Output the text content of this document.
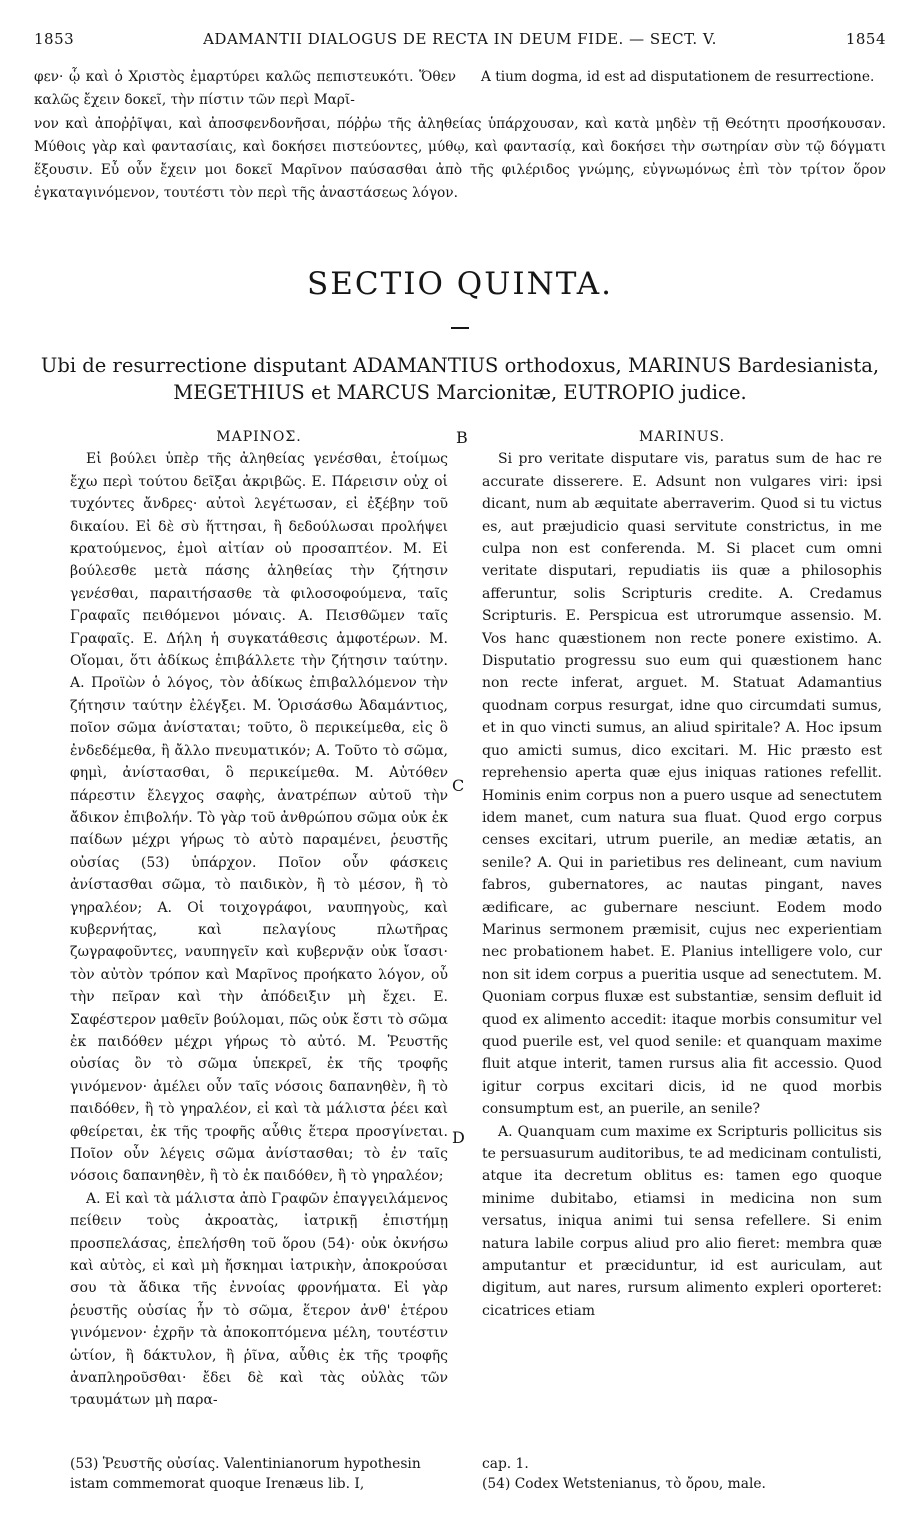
1853	ADAMANTII DIALOGUS DE RECTA IN DEUM FIDE. — SECT. V.	1854
φεν· ᾧ καὶ ὁ Χριστὸς ἐμαρτύρει καλῶς πεπιστευκότι. Ὅθεν καλῶς ἔχειν δοκεῖ, τὴν πίστιν τῶν περὶ Μαρῖ-
A tium dogma, id est ad disputationem de resurrectione.
νον καὶ ἀποῤῥῖψαι, καὶ ἀποσφενδονῆσαι, πόῤῥω τῆς ἀληθείας ὑπάρχουσαν, καὶ κατὰ μηδὲν τῇ Θεότητι προσήκουσαν. Μύθοις γὰρ καὶ φαντασίαις, καὶ δοκήσει πιστεύοντες, μύθῳ, καὶ φαντασίᾳ, καὶ δοκήσει τὴν σωτηρίαν σὺν τῷ δόγματι ἕξουσιν. Εὖ οὖν ἔχειν μοι δοκεῖ Μαρῖνον παύσασθαι ἀπὸ τῆς φιλέριδος γνώμης, εὐγνωμόνως ἐπὶ τὸν τρίτον ὅρον ἐγκαταγινόμενον, τουτέστι τὸν περὶ τῆς ἀναστάσεως λόγον.
SECTIO QUINTA.
Ubi de resurrectione disputant ADAMANTIUS orthodoxus, MARINUS Bardesianista, MEGETHIUS et MARCUS Marcionitæ, EUTROPIO judice.
B
C
D
ΜΑΡΙΝΟΣ.

Εἰ βούλει ὑπὲρ τῆς ἀληθείας γενέσθαι, ἑτοίμως ἔχω περὶ τούτου δεῖξαι ἀκριβῶς. Ε. Πάρεισιν οὐχ οἱ τυχόντες ἄνδρες· αὐτοὶ λεγέτωσαν, εἰ ἐξέβην τοῦ δικαίου. Εἰ δὲ σὺ ἥττησαι, ἢ δεδούλωσαι προλήψει κρατούμενος, ἐμοὶ αἰτίαν οὐ προσαπτέον. Μ. Εἰ βούλεσθε μετὰ πάσης ἀληθείας τὴν ζήτησιν γενέσθαι, παραιτήσασθε τὰ φιλοσοφούμενα, ταῖς Γραφαῖς πειθόμενοι μόναις. Α. Πεισθῶμεν ταῖς Γραφαῖς. Ε. Δήλη ἡ συγκατάθεσις ἀμφοτέρων. Μ. Οἴομαι, ὅτι ἀδίκως ἐπιβάλλετε τὴν ζήτησιν ταύτην. Α. Προϊὼν ὁ λόγος, τὸν ἀδίκως ἐπιβαλλόμενον τὴν ζήτησιν ταύτην ἐλέγξει. Μ. Ὁρισάσθω Ἀδαμάντιος, ποῖον σῶμα ἀνίσταται; τοῦτο, ὃ περικείμεθα, εἰς ὃ ἐνδεδέμεθα, ἢ ἄλλο πνευματικόν; Α. Τοῦτο τὸ σῶμα, φημὶ, ἀνίστασθαι, ὃ περικείμεθα. Μ. Αὐτόθεν πάρεστιν ἔλεγχος σαφὴς, ἀνατρέπων αὐτοῦ τὴν ἄδικον ἐπιβολήν. Τὸ γὰρ τοῦ ἀνθρώπου σῶμα οὐκ ἐκ παίδων μέχρι γήρως τὸ αὐτὸ παραμένει, ῥευστῆς οὐσίας (53) ὑπάρχον. Ποῖον οὖν φάσκεις ἀνίστασθαι σῶμα, τὸ παιδικὸν, ἢ τὸ μέσον, ἢ τὸ γηραλέον; Α. Οἱ τοιχογράφοι, ναυπηγοὺς, καὶ κυβερνήτας, καὶ πελαγίους πλωτῆρας ζωγραφοῦντες, ναυπηγεῖν καὶ κυβερνᾷν οὐκ ἴσασι· τὸν αὐτὸν τρόπον καὶ Μαρῖνος προήκατο λόγον, οὗ τὴν πεῖραν καὶ τὴν ἀπόδειξιν μὴ ἔχει. Ε. Σαφέστερον μαθεῖν βούλομαι, πῶς οὐκ ἔστι τὸ σῶμα ἐκ παιδόθεν μέχρι γήρως τὸ αὐτό. Μ. Ῥευστῆς οὐσίας ὂν τὸ σῶμα ὑπεκρεῖ, ἐκ τῆς τροφῆς γινόμενον· ἀμέλει οὖν ταῖς νόσοις δαπανηθὲν, ἢ τὸ παιδόθεν, ἢ τὸ γηραλέον, εἰ καὶ τὰ μάλιστα ῥέει καὶ φθείρεται, ἐκ τῆς τροφῆς αὖθις ἕτερα προσγίνεται. Ποῖον οὖν λέγεις σῶμα ἀνίστασθαι; τὸ ἐν ταῖς νόσοις δαπανηθὲν, ἢ τὸ ἐκ παιδόθεν, ἢ τὸ γηραλέον;

Α. Εἰ καὶ τὰ μάλιστα ἀπὸ Γραφῶν ἐπαγγειλάμενος πείθειν τοὺς ἀκροατὰς, ἰατρικῇ ἐπιστήμῃ προσπελάσας, ἐπελήσθη τοῦ ὅρου (54)· οὐκ ὀκνήσω καὶ αὐτὸς, εἰ καὶ μὴ ἤσκημαι ἰατρικὴν, ἀποκρούσαι σου τὰ ἄδικα τῆς ἐννοίας φρονήματα. Εἰ γὰρ ῥευστῆς οὐσίας ἦν τὸ σῶμα, ἕτερον ἀνθ' ἑτέρου γινόμενον· ἐχρῆν τὰ ἀποκοπτόμενα μέλη, τουτέστιν ὠτίον, ἢ δάκτυλον, ἢ ῥῖνα, αὖθις ἐκ τῆς τροφῆς ἀναπληροῦσθαι· ἔδει δὲ καὶ τὰς οὐλὰς τῶν τραυμάτων μὴ παρα-

MARINUS.

Si pro veritate disputare vis, paratus sum de hac re accurate disserere. E. Adsunt non vulgares viri: ipsi dicant, num ab æquitate aberraverim. Quod si tu victus es, aut præjudicio quasi servitute constrictus, in me culpa non est conferenda. M. Si placet cum omni veritate disputari, repudiatis iis quæ a philosophis afferuntur, solis Scripturis credite. A. Credamus Scripturis. E. Perspicua est utrorumque assensio. M. Vos hanc quæstionem non recte ponere existimo. A. Disputatio progressu suo eum qui quæstionem hanc non recte inferat, arguet. M. Statuat Adamantius quodnam corpus resurgat, idne quo circumdati sumus, et in quo vincti sumus, an aliud spiritale? A. Hoc ipsum quo amicti sumus, dico excitari. M. Hic præsto est reprehensio aperta quæ ejus iniquas rationes refellit. Hominis enim corpus non a puero usque ad senectutem idem manet, cum natura sua fluat. Quod ergo corpus censes excitari, utrum puerile, an mediæ ætatis, an senile? A. Qui in parietibus res delineant, cum navium fabros, gubernatores, ac nautas pingant, naves ædificare, ac gubernare nesciunt. Eodem modo Marinus sermonem præmisit, cujus nec experientiam nec probationem habet. E. Planius intelligere volo, cur non sit idem corpus a pueritia usque ad senectutem. M. Quoniam corpus fluxæ est substantiæ, sensim defluit id quod ex alimento accedit: itaque morbis consumitur vel quod puerile est, vel quod senile: et quanquam maxime fluit atque interit, tamen rursus alia fit accessio. Quod igitur corpus excitari dicis, id ne quod morbis consumptum est, an puerile, an senile?

A. Quanquam cum maxime ex Scripturis pollicitus sis te persuasurum auditoribus, te ad medicinam contulisti, atque ita decretum oblitus es: tamen ego quoque minime dubitabo, etiamsi in medicina non sum versatus, iniqua animi tui sensa refellere. Si enim natura labile corpus aliud pro alio fieret: membra quæ amputantur et præciduntur, id est auriculam, aut digitum, aut nares, rursum alimento expleri oporteret: cicatrices etiam

(53) Ῥευστῆς οὐσίας. Valentinianorum hypothesin istam commemorat quoque Irenæus lib. I,
cap. 1.
(54) Codex Wetstenianus, τὸ ὄρου, male.
